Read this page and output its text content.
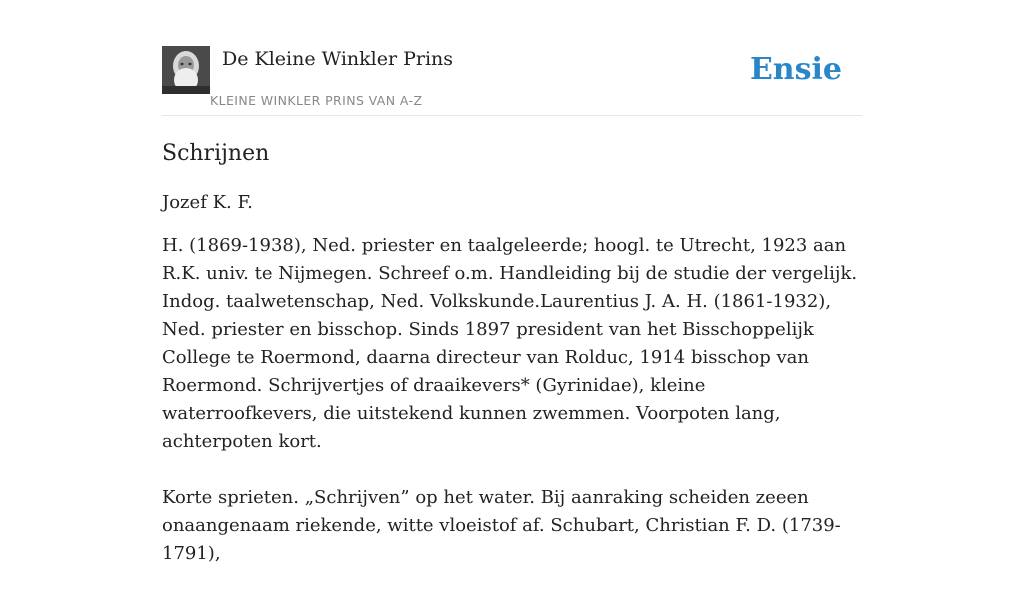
De Kleine Winkler Prins
KLEINE WINKLER PRINS VAN A-Z
Ensie
Schrijnen
Jozef K. F.

H. (1869-1938), Ned. priester en taalgeleerde; hoogl. te Utrecht, 1923 aan R.K. univ. te Nijmegen. Schreef o.m. Handleiding bij de studie der vergelijk. Indog. taalwetenschap, Ned. Volkskunde.Laurentius J. A. H. (1861-1932), Ned. priester en bisschop. Sinds 1897 president van het Bisschoppelijk College te Roermond, daarna directeur van Rolduc, 1914 bisschop van Roermond. Schrijvertjes of draaikevers* (Gyrinidae), kleine waterroofkevers, die uitstekend kunnen zwemmen. Voorpoten lang, achterpoten kort.

Korte sprieten. „Schrijven” op het water. Bij aanraking scheiden zeeen onaangenaam riekende, witte vloeistof af. Schubart, Christian F. D. (1739-1791),
